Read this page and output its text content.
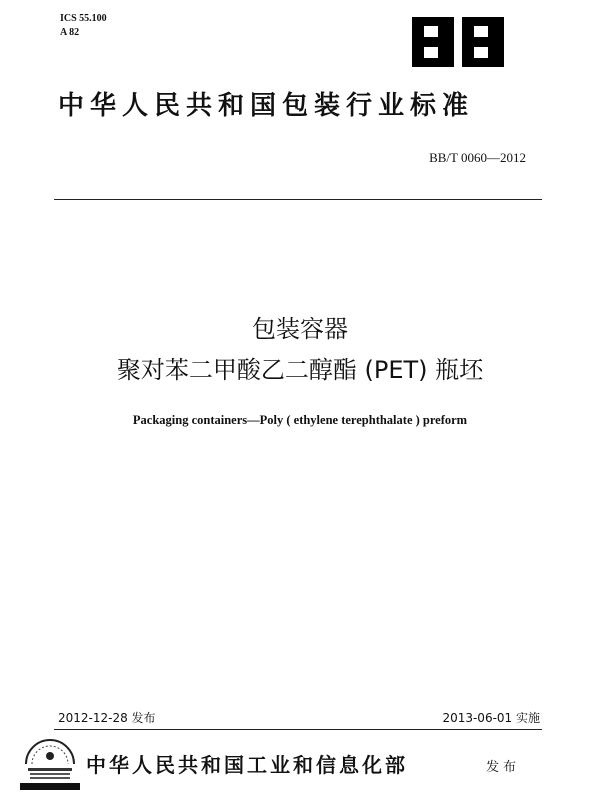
ICS 55.100
A 82
中华人民共和国包装行业标准
BB/T 0060—2012
包装容器
聚对苯二甲酸乙二醇酯 (PET) 瓶坯
Packaging containers—Poly ( ethylene terephthalate ) preform
2012-12-28 发布	2013-06-01 实施
中华人民共和国工业和信息化部	发布
